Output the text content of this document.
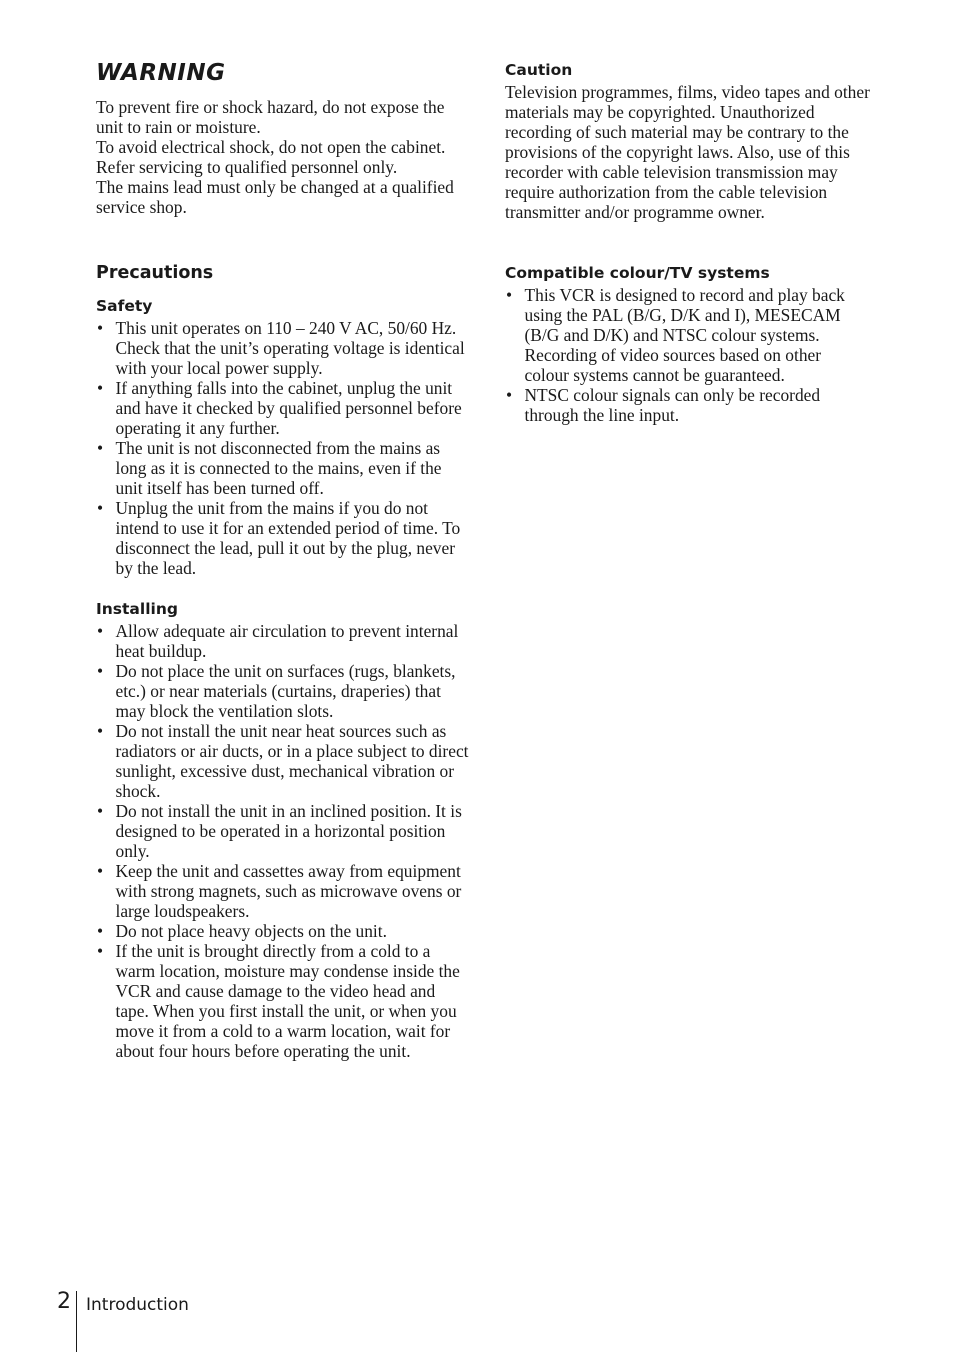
WARNING

To prevent fire or shock hazard, do not expose the unit to rain or moisture.

To avoid electrical shock, do not open the cabinet. Refer servicing to qualified personnel only.

The mains lead must only be changed at a qualified service shop.

Precautions
Safety
• This unit operates on 110 – 240 V AC, 50/60 Hz. Check that the unit’s operating voltage is identical with your local power supply.
• If anything falls into the cabinet, unplug the unit and have it checked by qualified personnel before operating it any further.
• The unit is not disconnected from the mains as long as it is connected to the mains, even if the unit itself has been turned off.
• Unplug the unit from the mains if you do not intend to use it for an extended period of time. To disconnect the lead, pull it out by the plug, never by the lead.
Installing
• Allow adequate air circulation to prevent internal heat buildup.
• Do not place the unit on surfaces (rugs, blankets, etc.) or near materials (curtains, draperies) that may block the ventilation slots.
• Do not install the unit near heat sources such as radiators or air ducts, or in a place subject to direct sunlight, excessive dust, mechanical vibration or shock.
• Do not install the unit in an inclined position. It is designed to be operated in a horizontal position only.
• Keep the unit and cassettes away from equipment with strong magnets, such as microwave ovens or large loudspeakers.
• Do not place heavy objects on the unit.
• If the unit is brought directly from a cold to a warm location, moisture may condense inside the VCR and cause damage to the video head and tape. When you first install the unit, or when you move it from a cold to a warm location, wait for about four hours before operating the unit.
Caution

Television programmes, films, video tapes and other materials may be copyrighted. Unauthorized recording of such material may be contrary to the provisions of the copyright laws. Also, use of this recorder with cable television transmission may require authorization from the cable television transmitter and/or programme owner.

Compatible colour/TV systems
• This VCR is designed to record and play back using the PAL (B/G, D/K and I), MESECAM (B/G and D/K) and NTSC colour systems. Recording of video sources based on other colour systems cannot be guaranteed.
• NTSC colour signals can only be recorded through the line input.
2 Introduction
